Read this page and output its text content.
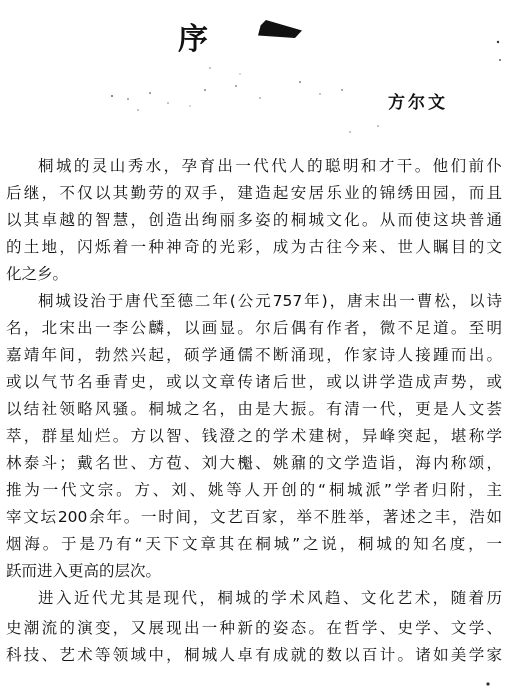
序
方尔文
桐城的灵山秀水，孕育出一代代人的聪明和才干。他们前仆
后继，不仅以其勤劳的双手，建造起安居乐业的锦绣田园，而且
以其卓越的智慧，创造出绚丽多姿的桐城文化。从而使这块普通
的土地，闪烁着一种神奇的光彩，成为古往今来、世人瞩目的文
化之乡。
桐城设治于唐代至德二年(公元757年)，唐末出一曹松，以诗
名，北宋出一李公麟，以画显。尔后偶有作者，微不足道。至明
嘉靖年间，勃然兴起，硕学通儒不断涌现，作家诗人接踵而出。
或以气节名垂青史，或以文章传诸后世，或以讲学造成声势，或
以结社领略风骚。桐城之名，由是大振。有清一代，更是人文荟
萃，群星灿烂。方以智、钱澄之的学术建树，异峰突起，堪称学
林泰斗；戴名世、方苞、刘大櫆、姚鼐的文学造诣，海内称颂，
推为一代文宗。方、刘、姚等人开创的“桐城派”学者归附，主
宰文坛200余年。一时间，文艺百家，举不胜举，著述之丰，浩如
烟海。于是乃有“天下文章其在桐城”之说，桐城的知名度，一
跃而进入更高的层次。
进入近代尤其是现代，桐城的学术风趋、文化艺术，随着历
史潮流的演变，又展现出一种新的姿态。在哲学、史学、文学、
科技、艺术等领域中，桐城人卓有成就的数以百计。诸如美学家
